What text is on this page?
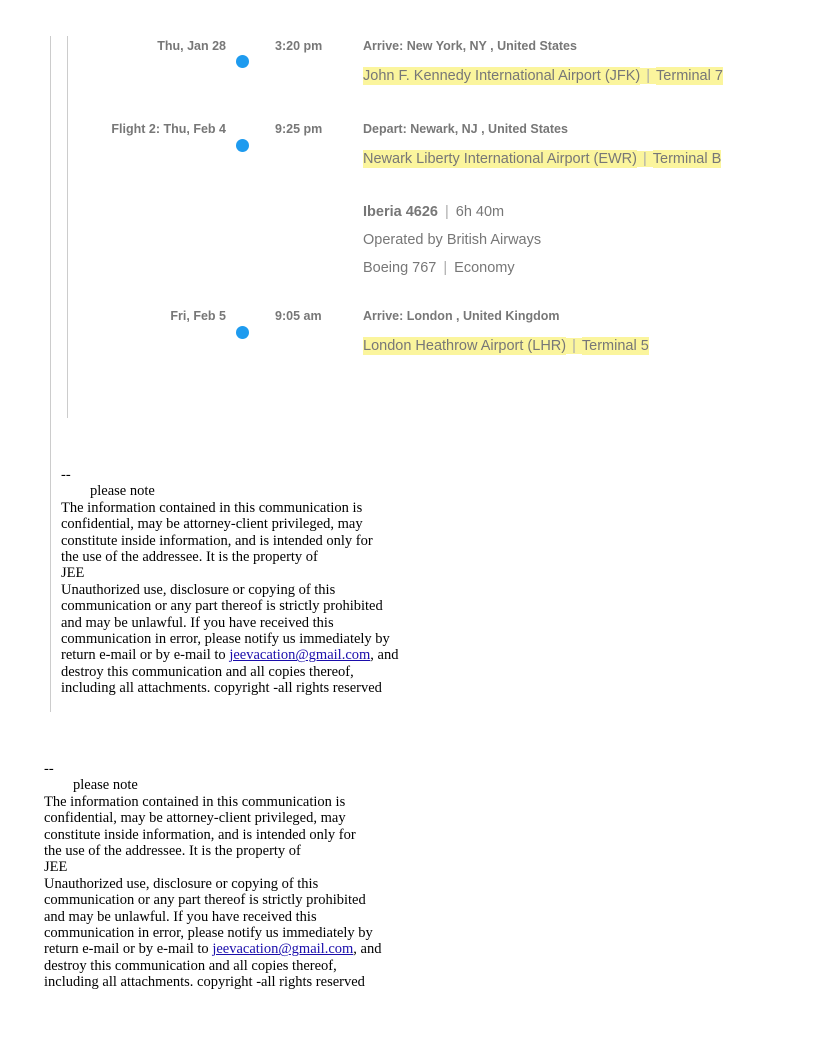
Thu, Jan 28	3:20 pm	Arrive: New York, NY , United States
John F. Kennedy International Airport (JFK) | Terminal 7
Flight 2: Thu, Feb 4	9:25 pm	Depart: Newark, NJ , United States
Newark Liberty International Airport (EWR) | Terminal B
Iberia 4626 | 6h 40m
Operated by British Airways
Boeing 767 | Economy
Fri, Feb 5	9:05 am	Arrive: London , United Kingdom
London Heathrow Airport (LHR) | Terminal 5
--
please note
The information contained in this communication is
confidential, may be attorney-client privileged, may
constitute inside information, and is intended only for
the use of the addressee. It is the property of
JEE
Unauthorized use, disclosure or copying of this
communication or any part thereof is strictly prohibited
and may be unlawful. If you have received this
communication in error, please notify us immediately by
return e-mail or by e-mail to jeevacation@gmail.com, and
destroy this communication and all copies thereof,
including all attachments. copyright -all rights reserved
--
please note
The information contained in this communication is
confidential, may be attorney-client privileged, may
constitute inside information, and is intended only for
the use of the addressee. It is the property of
JEE
Unauthorized use, disclosure or copying of this
communication or any part thereof is strictly prohibited
and may be unlawful. If you have received this
communication in error, please notify us immediately by
return e-mail or by e-mail to jeevacation@gmail.com, and
destroy this communication and all copies thereof,
including all attachments. copyright -all rights reserved
